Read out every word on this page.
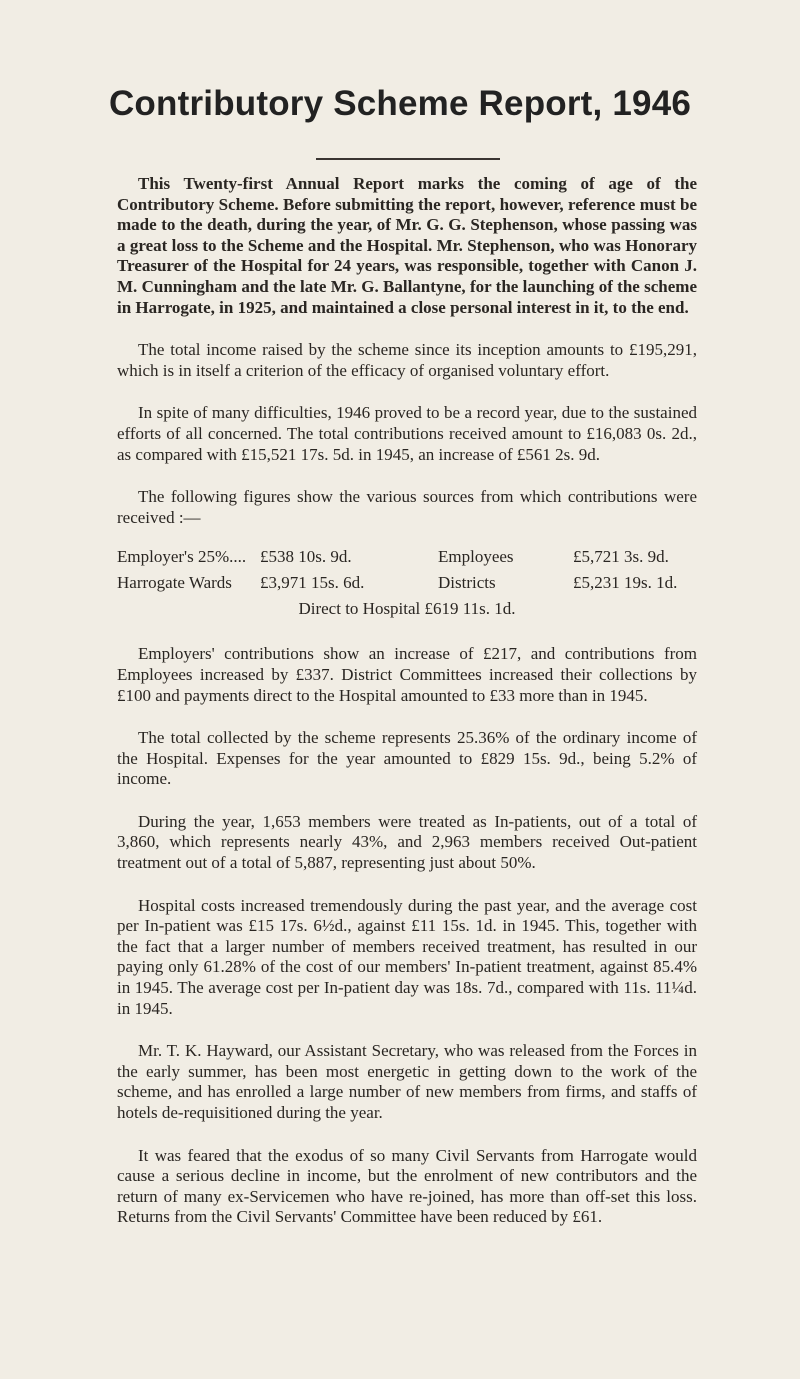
Contributory Scheme Report, 1946

This Twenty-first Annual Report marks the coming of age of the Contributory Scheme. Before submitting the report, however, reference must be made to the death, during the year, of Mr. G. G. Stephenson, whose passing was a great loss to the Scheme and the Hospital. Mr. Stephenson, who was Honorary Treasurer of the Hospital for 24 years, was responsible, together with Canon J. M. Cunningham and the late Mr. G. Ballantyne, for the launching of the scheme in Harrogate, in 1925, and maintained a close personal interest in it, to the end.

The total income raised by the scheme since its inception amounts to £195,291, which is in itself a criterion of the efficacy of organised voluntary effort.

In spite of many difficulties, 1946 proved to be a record year, due to the sustained efforts of all concerned. The total contributions received amount to £16,083 0s. 2d., as compared with £15,521 17s. 5d. in 1945, an increase of £561 2s. 9d.

The following figures show the various sources from which contributions were received :—

Employer's 25%.... £538 10s. 9d.	Employees	£5,721 3s. 9d.
Harrogate Wards	£3,971 15s. 6d.	Districts	£5,231 19s. 1d.
Direct to Hospital £619 11s. 1d.

Employers' contributions show an increase of £217, and contributions from Employees increased by £337. District Committees increased their collections by £100 and payments direct to the Hospital amounted to £33 more than in 1945.

The total collected by the scheme represents 25.36% of the ordinary income of the Hospital. Expenses for the year amounted to £829 15s. 9d., being 5.2% of income.

During the year, 1,653 members were treated as In-patients, out of a total of 3,860, which represents nearly 43%, and 2,963 members received Out-patient treatment out of a total of 5,887, representing just about 50%.

Hospital costs increased tremendously during the past year, and the average cost per In-patient was £15 17s. 6½d., against £11 15s. 1d. in 1945. This, together with the fact that a larger number of members received treatment, has resulted in our paying only 61.28% of the cost of our members' In-patient treatment, against 85.4% in 1945. The average cost per In-patient day was 18s. 7d., compared with 11s. 11¼d. in 1945.

Mr. T. K. Hayward, our Assistant Secretary, who was released from the Forces in the early summer, has been most energetic in getting down to the work of the scheme, and has enrolled a large number of new members from firms, and staffs of hotels de-requisitioned during the year.

It was feared that the exodus of so many Civil Servants from Harrogate would cause a serious decline in income, but the enrolment of new contributors and the return of many ex-Servicemen who have re-joined, has more than off-set this loss. Returns from the Civil Servants' Committee have been reduced by £61.
